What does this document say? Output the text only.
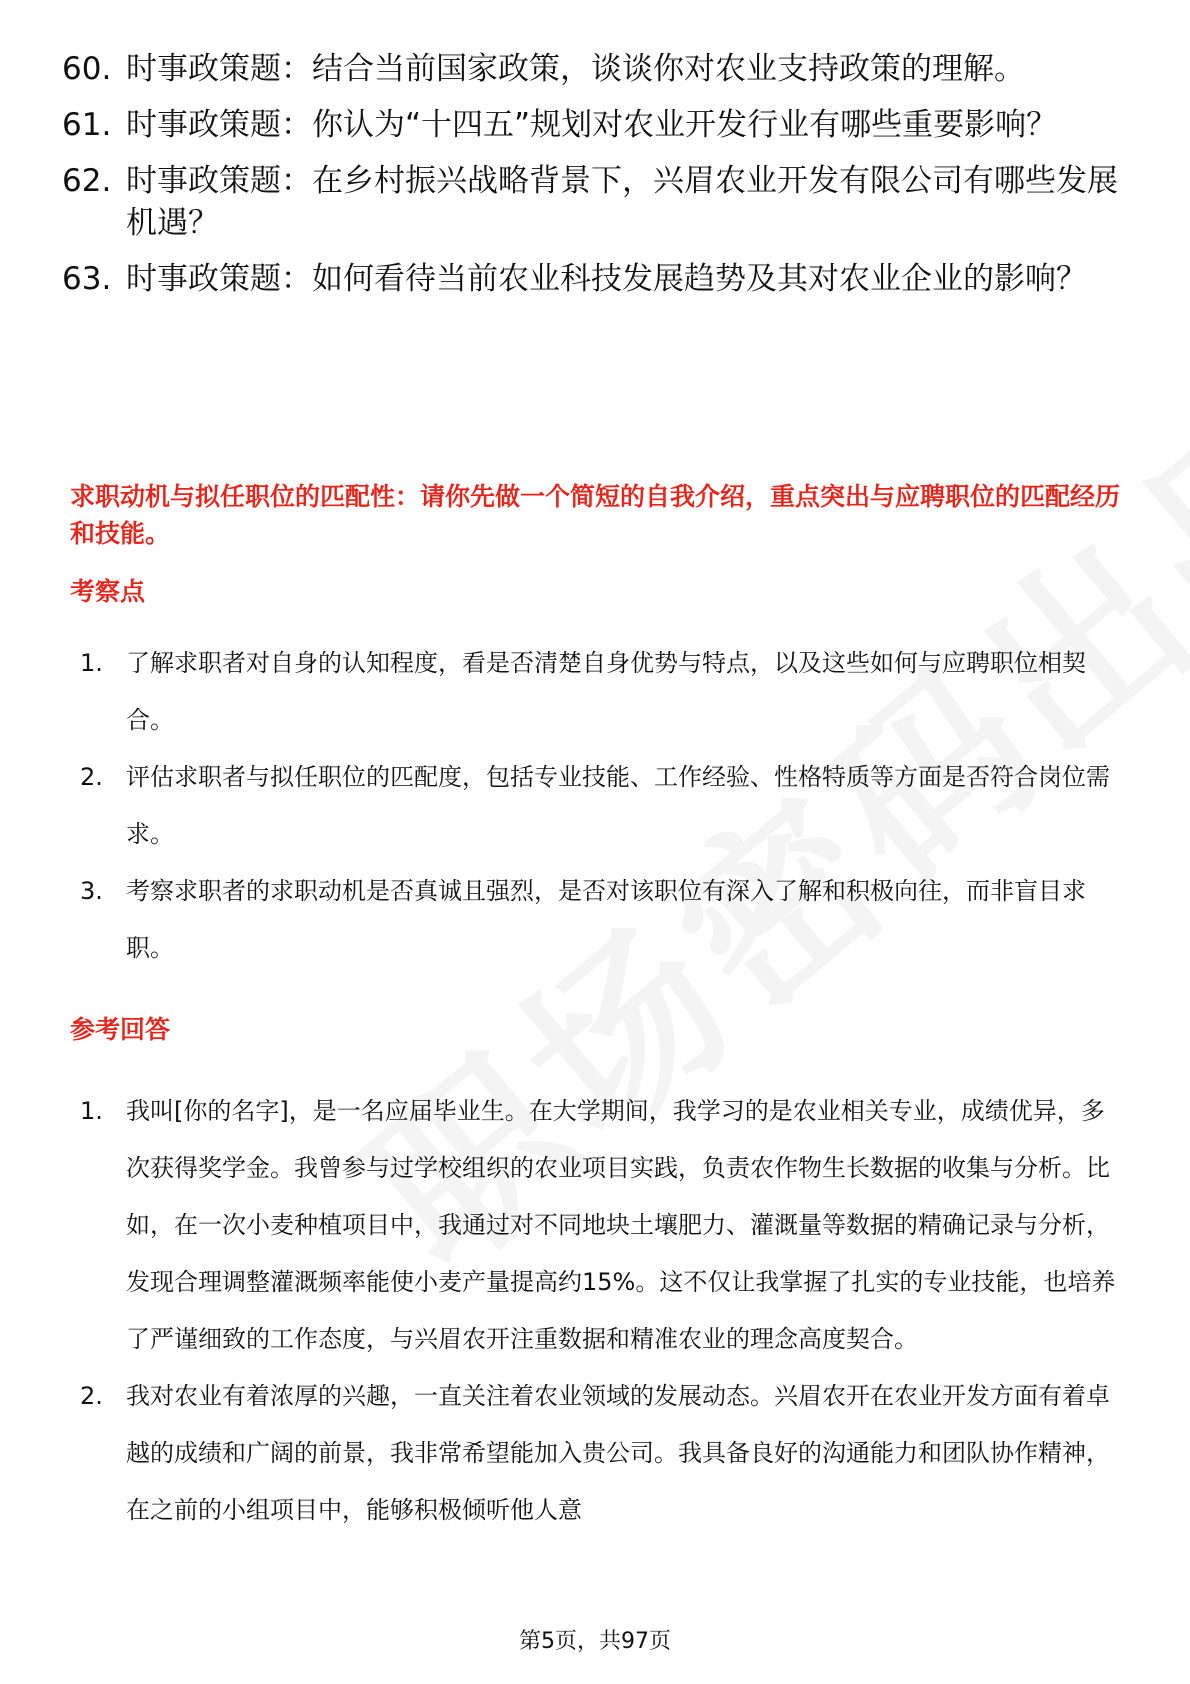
60. 时事政策题：结合当前国家政策，谈谈你对农业支持政策的理解。
61. 时事政策题：你认为“十四五”规划对农业开发行业有哪些重要影响？
62. 时事政策题：在乡村振兴战略背景下，兴眉农业开发有限公司有哪些发展机遇？
63. 时事政策题：如何看待当前农业科技发展趋势及其对农业企业的影响？
求职动机与拟任职位的匹配性：请你先做一个简短的自我介绍，重点突出与应聘职位的匹配经历和技能。
考察点
1. 了解求职者对自身的认知程度，看是否清楚自身优势与特点，以及这些如何与应聘职位相契合。
2. 评估求职者与拟任职位的匹配度，包括专业技能、工作经验、性格特质等方面是否符合岗位需求。
3. 考察求职者的求职动机是否真诚且强烈，是否对该职位有深入了解和积极向往，而非盲目求职。
参考回答
1. 我叫[你的名字]，是一名应届毕业生。在大学期间，我学习的是农业相关专业，成绩优异，多次获得奖学金。我曾参与过学校组织的农业项目实践，负责农作物生长数据的收集与分析。比如，在一次小麦种植项目中，我通过对不同地块土壤肥力、灌溉量等数据的精确记录与分析，发现合理调整灌溉频率能使小麦产量提高约15%。这不仅让我掌握了扎实的专业技能，也培养了严谨细致的工作态度，与兴眉农开注重数据和精准农业的理念高度契合。
2. 我对农业有着浓厚的兴趣，一直关注着农业领域的发展动态。兴眉农开在农业开发方面有着卓越的成绩和广阔的前景，我非常希望能加入贵公司。我具备良好的沟通能力和团队协作精神，在之前的小组项目中，能够积极倾听他人意
第5页，共97页
